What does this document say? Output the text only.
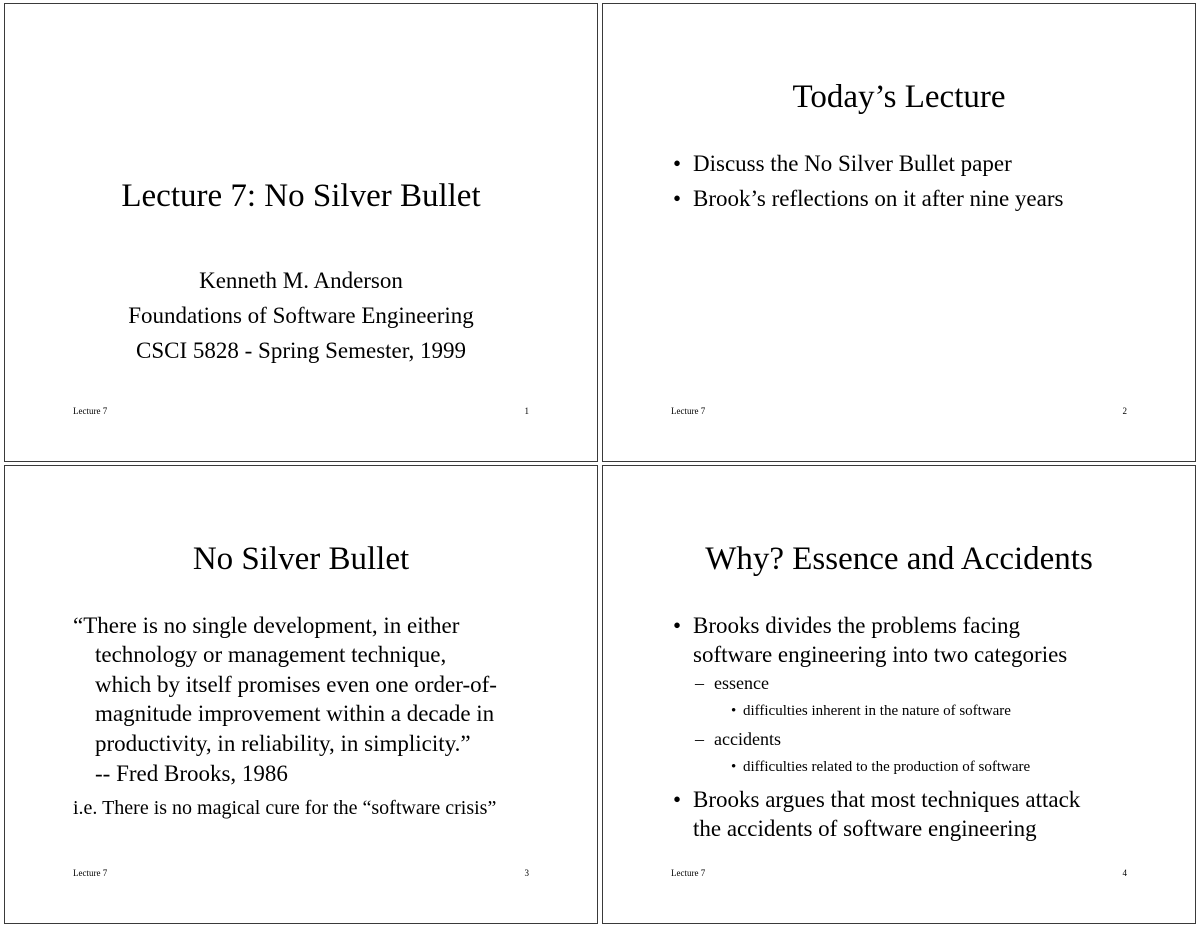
Lecture 7: No Silver Bullet
Kenneth M. Anderson
Foundations of Software Engineering
CSCI 5828 - Spring Semester, 1999
Lecture 7	1
Today’s Lecture
• Discuss the No Silver Bullet paper
• Brook’s reflections on it after nine years
Lecture 7	2
No Silver Bullet
“There is no single development, in either
technology or management technique,
which by itself promises even one order-of-
magnitude improvement within a decade in
productivity, in reliability, in simplicity.”
-- Fred Brooks, 1986
i.e. There is no magical cure for the “software crisis”
Lecture 7	3
Why? Essence and Accidents
• Brooks divides the problems facing
software engineering into two categories
– essence
• difficulties inherent in the nature of software
– accidents
• difficulties related to the production of software
• Brooks argues that most techniques attack
the accidents of software engineering
Lecture 7	4
